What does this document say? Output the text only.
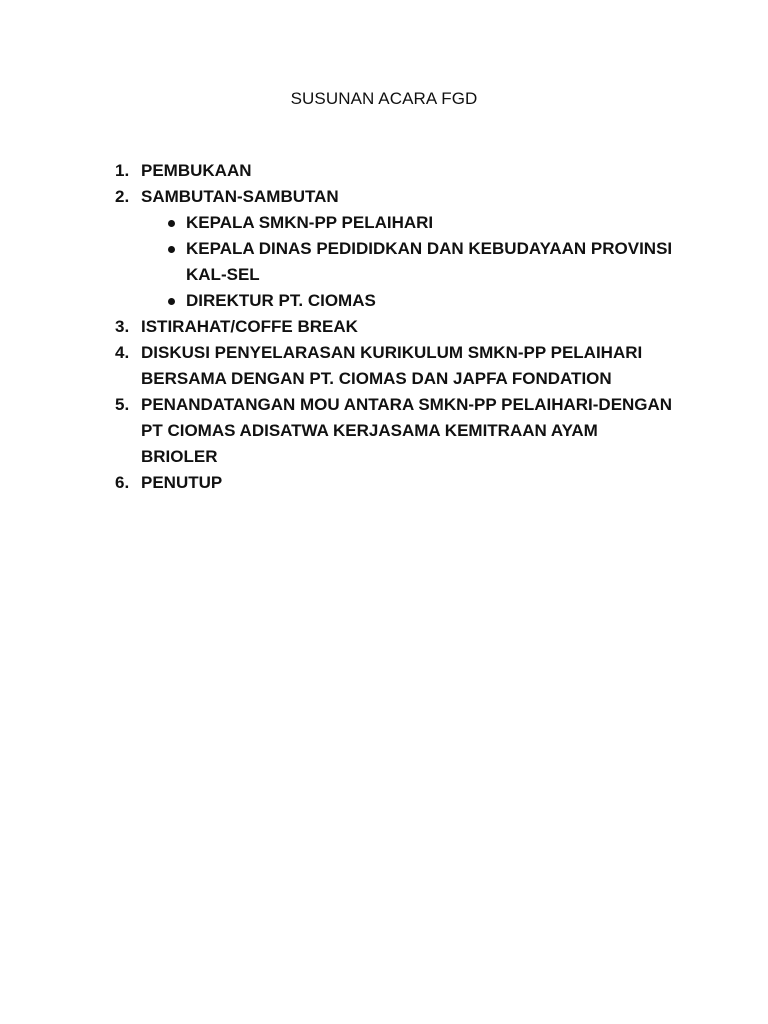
SUSUNAN ACARA FGD
1. PEMBUKAAN
2. SAMBUTAN-SAMBUTAN
KEPALA SMKN-PP PELAIHARI
KEPALA DINAS PEDIDIDKAN DAN KEBUDAYAAN PROVINSI KAL-SEL
DIREKTUR PT. CIOMAS
3. ISTIRAHAT/COFFE BREAK
4. DISKUSI PENYELARASAN KURIKULUM SMKN-PP PELAIHARI BERSAMA DENGAN PT. CIOMAS DAN JAPFA FONDATION
5. PENANDATANGAN MOU ANTARA SMKN-PP PELAIHARI-DENGAN PT CIOMAS ADISATWA KERJASAMA KEMITRAAN AYAM BRIOLER
6. PENUTUP
